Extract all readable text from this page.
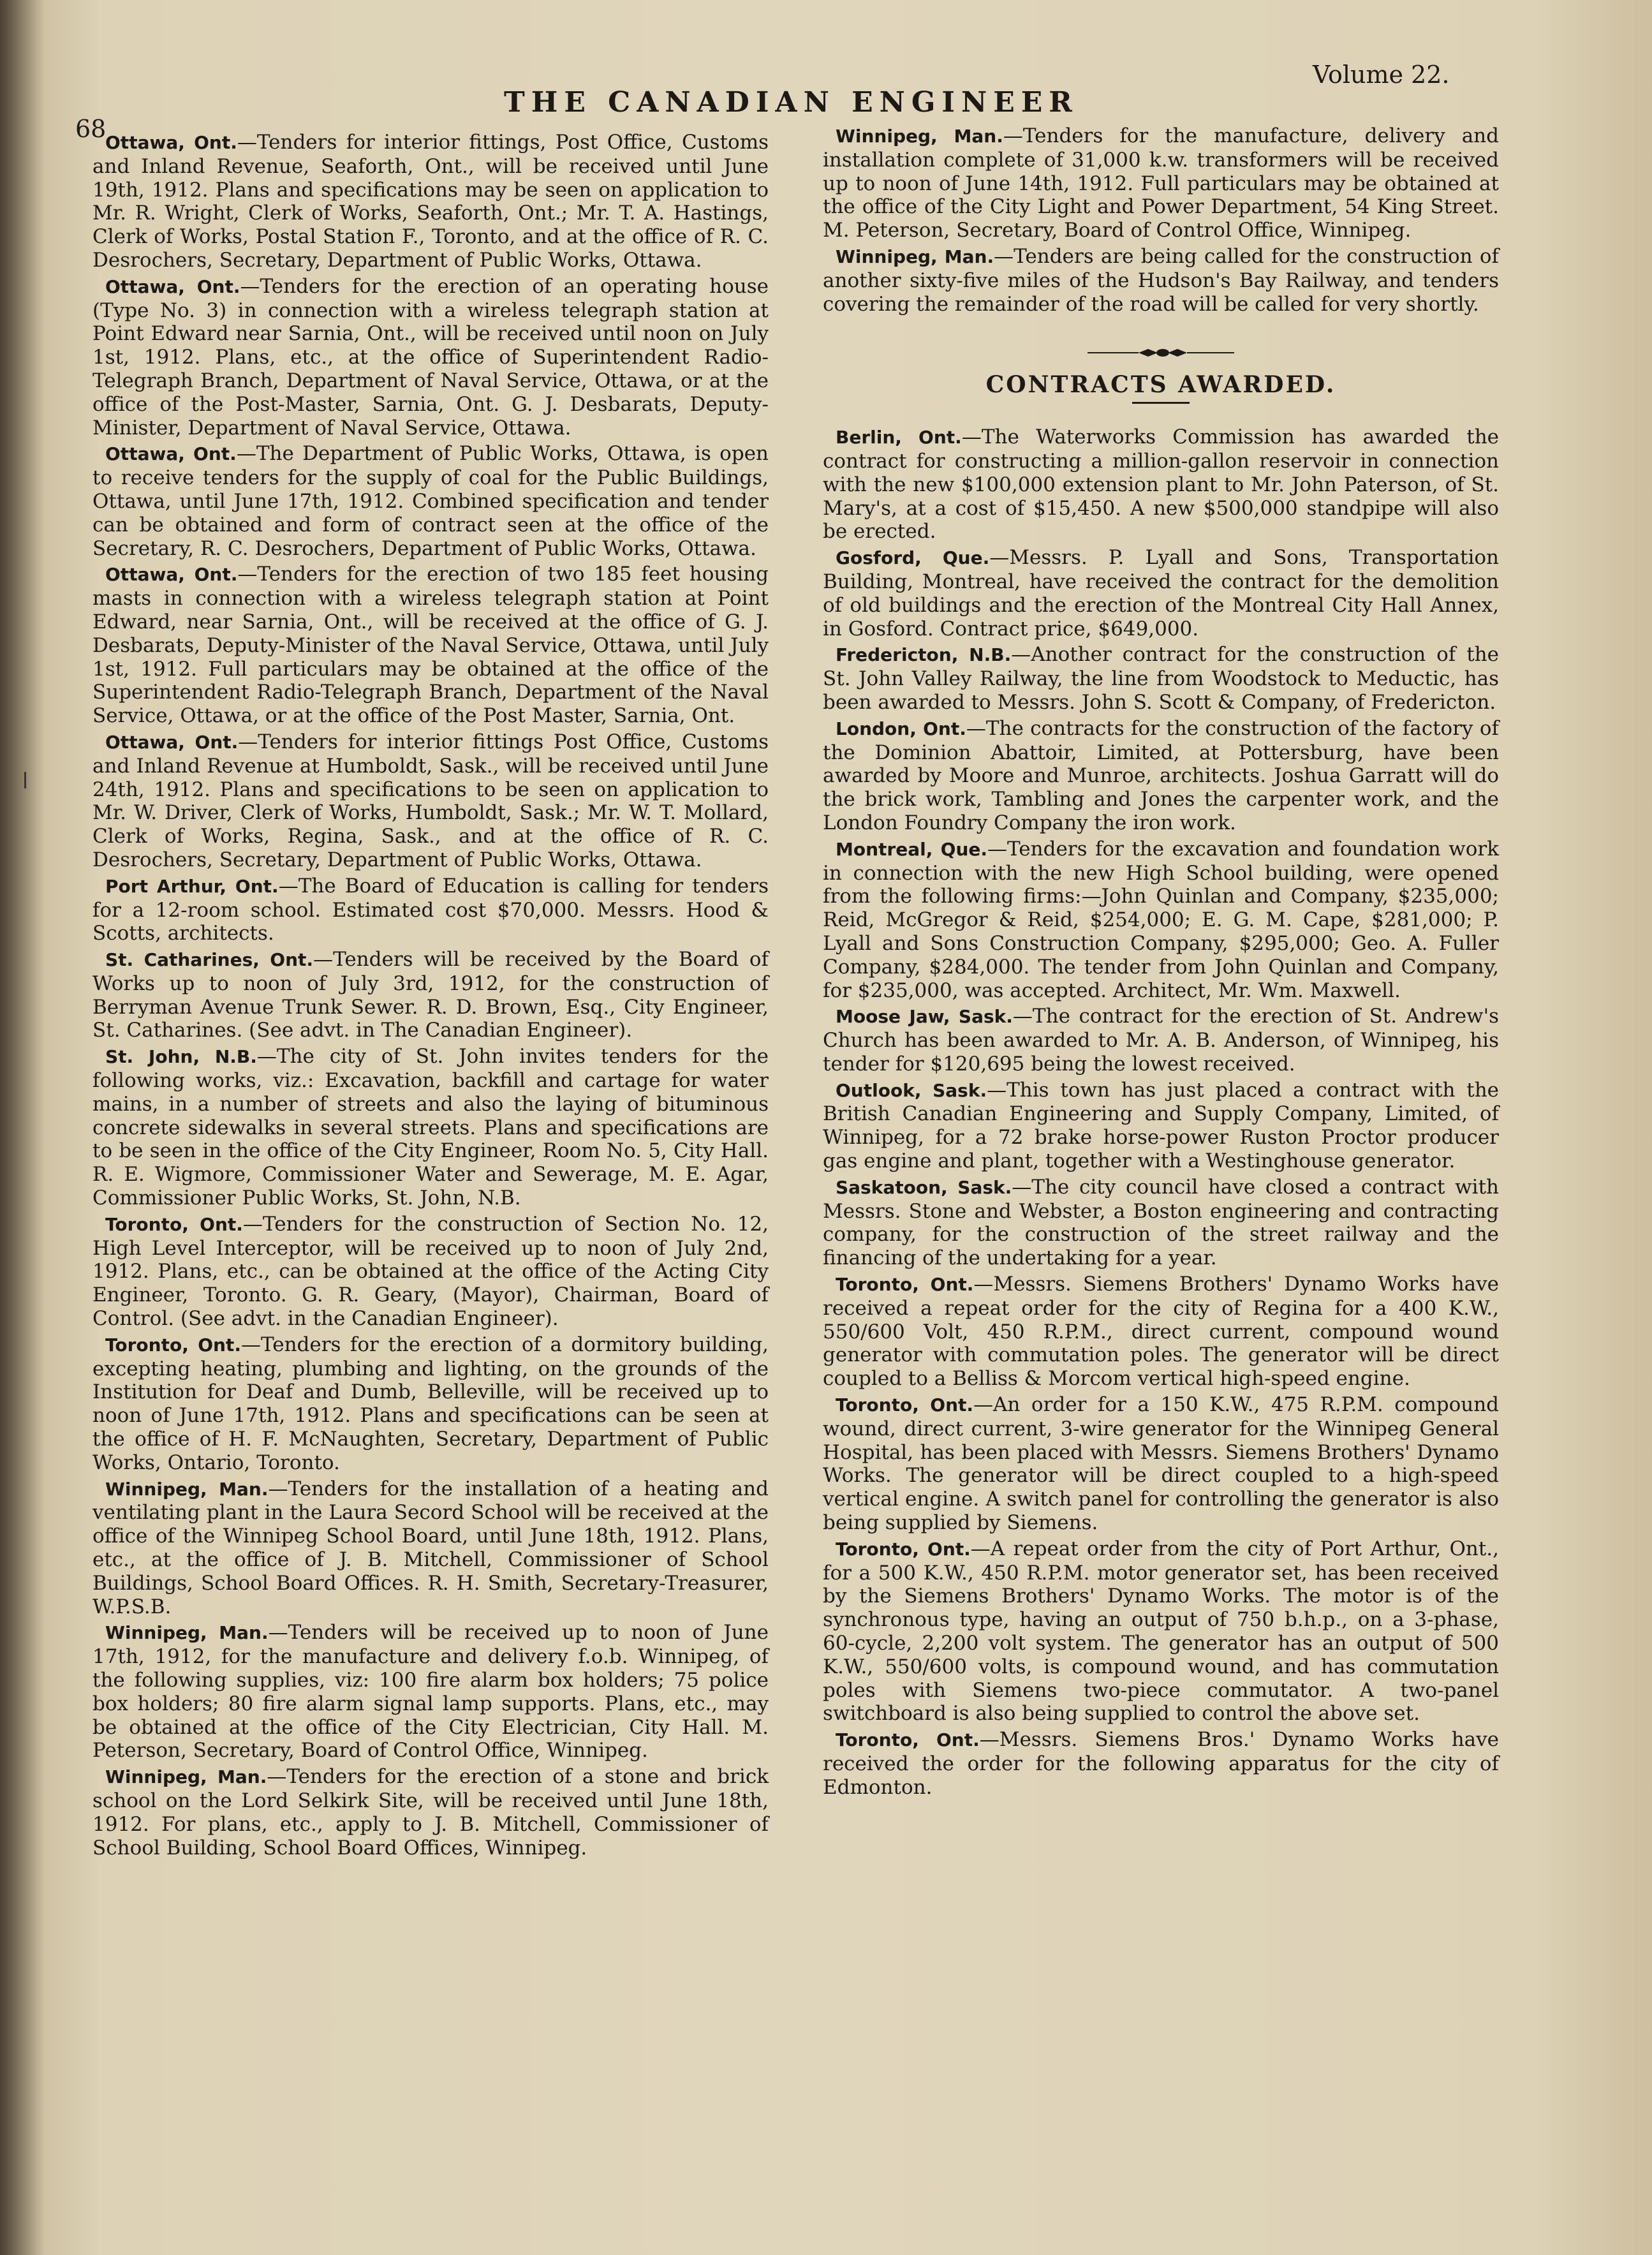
68
THE CANADIAN ENGINEER
Volume 22.

Ottawa, Ont.—Tenders for interior fittings, Post Office, Customs and Inland Revenue, Seaforth, Ont., will be received until June 19th, 1912. Plans and specifications may be seen on application to Mr. R. Wright, Clerk of Works, Seaforth, Ont.; Mr. T. A. Hastings, Clerk of Works, Postal Station F., Toronto, and at the office of R. C. Desrochers, Secretary, Department of Public Works, Ottawa.

Ottawa, Ont.—Tenders for the erection of an operating house (Type No. 3) in connection with a wireless telegraph station at Point Edward near Sarnia, Ont., will be received until noon on July 1st, 1912. Plans, etc., at the office of Superintendent Radio-Telegraph Branch, Department of Naval Service, Ottawa, or at the office of the Post-Master, Sarnia, Ont. G. J. Desbarats, Deputy-Minister, Department of Naval Service, Ottawa.

Ottawa, Ont.—The Department of Public Works, Ottawa, is open to receive tenders for the supply of coal for the Public Buildings, Ottawa, until June 17th, 1912. Combined specification and tender can be obtained and form of contract seen at the office of the Secretary, R. C. Desrochers, Department of Public Works, Ottawa.

Ottawa, Ont.—Tenders for the erection of two 185 feet housing masts in connection with a wireless telegraph station at Point Edward, near Sarnia, Ont., will be received at the office of G. J. Desbarats, Deputy-Minister of the Naval Service, Ottawa, until July 1st, 1912. Full particulars may be obtained at the office of the Superintendent Radio-Telegraph Branch, Department of the Naval Service, Ottawa, or at the office of the Post Master, Sarnia, Ont.

Ottawa, Ont.—Tenders for interior fittings Post Office, Customs and Inland Revenue at Humboldt, Sask., will be received until June 24th, 1912. Plans and specifications to be seen on application to Mr. W. Driver, Clerk of Works, Humboldt, Sask.; Mr. W. T. Mollard, Clerk of Works, Regina, Sask., and at the office of R. C. Desrochers, Secretary, Department of Public Works, Ottawa.

Port Arthur, Ont.—The Board of Education is calling for tenders for a 12-room school. Estimated cost $70,000. Messrs. Hood & Scotts, architects.

St. Catharines, Ont.—Tenders will be received by the Board of Works up to noon of July 3rd, 1912, for the construction of Berryman Avenue Trunk Sewer. R. D. Brown, Esq., City Engineer, St. Catharines. (See advt. in The Canadian Engineer).

St. John, N.B.—The city of St. John invites tenders for the following works, viz.: Excavation, backfill and cartage for water mains, in a number of streets and also the laying of bituminous concrete sidewalks in several streets. Plans and specifications are to be seen in the office of the City Engineer, Room No. 5, City Hall. R. E. Wigmore, Commissioner Water and Sewerage, M. E. Agar, Commissioner Public Works, St. John, N.B.

Toronto, Ont.—Tenders for the construction of Section No. 12, High Level Interceptor, will be received up to noon of July 2nd, 1912. Plans, etc., can be obtained at the office of the Acting City Engineer, Toronto. G. R. Geary, (Mayor), Chairman, Board of Control. (See advt. in the Canadian Engineer).

Toronto, Ont.—Tenders for the erection of a dormitory building, excepting heating, plumbing and lighting, on the grounds of the Institution for Deaf and Dumb, Belleville, will be received up to noon of June 17th, 1912. Plans and specifications can be seen at the office of H. F. McNaughten, Secretary, Department of Public Works, Ontario, Toronto.

Winnipeg, Man.—Tenders for the installation of a heating and ventilating plant in the Laura Secord School will be received at the office of the Winnipeg School Board, until June 18th, 1912. Plans, etc., at the office of J. B. Mitchell, Commissioner of School Buildings, School Board Offices. R. H. Smith, Secretary-Treasurer, W.P.S.B.

Winnipeg, Man.—Tenders will be received up to noon of June 17th, 1912, for the manufacture and delivery f.o.b. Winnipeg, of the following supplies, viz: 100 fire alarm box holders; 75 police box holders; 80 fire alarm signal lamp supports. Plans, etc., may be obtained at the office of the City Electrician, City Hall. M. Peterson, Secretary, Board of Control Office, Winnipeg.

Winnipeg, Man.—Tenders for the erection of a stone and brick school on the Lord Selkirk Site, will be received until June 18th, 1912. For plans, etc., apply to J. B. Mitchell, Commissioner of School Building, School Board Offices, Winnipeg.

Winnipeg, Man.—Tenders for the manufacture, delivery and installation complete of 31,000 k.w. transformers will be received up to noon of June 14th, 1912. Full particulars may be obtained at the office of the City Light and Power Department, 54 King Street. M. Peterson, Secretary, Board of Control Office, Winnipeg.

Winnipeg, Man.—Tenders are being called for the construction of another sixty-five miles of the Hudson's Bay Railway, and tenders covering the remainder of the road will be called for very shortly.

CONTRACTS AWARDED.

Berlin, Ont.—The Waterworks Commission has awarded the contract for constructing a million-gallon reservoir in connection with the new $100,000 extension plant to Mr. John Paterson, of St. Mary's, at a cost of $15,450. A new $500,000 standpipe will also be erected.

Gosford, Que.—Messrs. P. Lyall and Sons, Transportation Building, Montreal, have received the contract for the demolition of old buildings and the erection of the Montreal City Hall Annex, in Gosford. Contract price, $649,000.

Fredericton, N.B.—Another contract for the construction of the St. John Valley Railway, the line from Woodstock to Meductic, has been awarded to Messrs. John S. Scott & Company, of Fredericton.

London, Ont.—The contracts for the construction of the factory of the Dominion Abattoir, Limited, at Pottersburg, have been awarded by Moore and Munroe, architects. Joshua Garratt will do the brick work, Tambling and Jones the carpenter work, and the London Foundry Company the iron work.

Montreal, Que.—Tenders for the excavation and foundation work in connection with the new High School building, were opened from the following firms:—John Quinlan and Company, $235,000; Reid, McGregor & Reid, $254,000; E. G. M. Cape, $281,000; P. Lyall and Sons Construction Company, $295,000; Geo. A. Fuller Company, $284,000. The tender from John Quinlan and Company, for $235,000, was accepted. Architect, Mr. Wm. Maxwell.

Moose Jaw, Sask.—The contract for the erection of St. Andrew's Church has been awarded to Mr. A. B. Anderson, of Winnipeg, his tender for $120,695 being the lowest received.

Outlook, Sask.—This town has just placed a contract with the British Canadian Engineering and Supply Company, Limited, of Winnipeg, for a 72 brake horse-power Ruston Proctor producer gas engine and plant, together with a Westinghouse generator.

Saskatoon, Sask.—The city council have closed a contract with Messrs. Stone and Webster, a Boston engineering and contracting company, for the construction of the street railway and the financing of the undertaking for a year.

Toronto, Ont.—Messrs. Siemens Brothers' Dynamo Works have received a repeat order for the city of Regina for a 400 K.W., 550/600 Volt, 450 R.P.M., direct current, compound wound generator with commutation poles. The generator will be direct coupled to a Belliss & Morcom vertical high-speed engine.

Toronto, Ont.—An order for a 150 K.W., 475 R.P.M. compound wound, direct current, 3-wire generator for the Winnipeg General Hospital, has been placed with Messrs. Siemens Brothers' Dynamo Works. The generator will be direct coupled to a high-speed vertical engine. A switch panel for controlling the generator is also being supplied by Siemens.

Toronto, Ont.—A repeat order from the city of Port Arthur, Ont., for a 500 K.W., 450 R.P.M. motor generator set, has been received by the Siemens Brothers' Dynamo Works. The motor is of the synchronous type, having an output of 750 b.h.p., on a 3-phase, 60-cycle, 2,200 volt system. The generator has an output of 500 K.W., 550/600 volts, is compound wound, and has commutation poles with Siemens two-piece commutator. A two-panel switchboard is also being supplied to control the above set.

Toronto, Ont.—Messrs. Siemens Bros.' Dynamo Works have received the order for the following apparatus for the city of Edmonton.
